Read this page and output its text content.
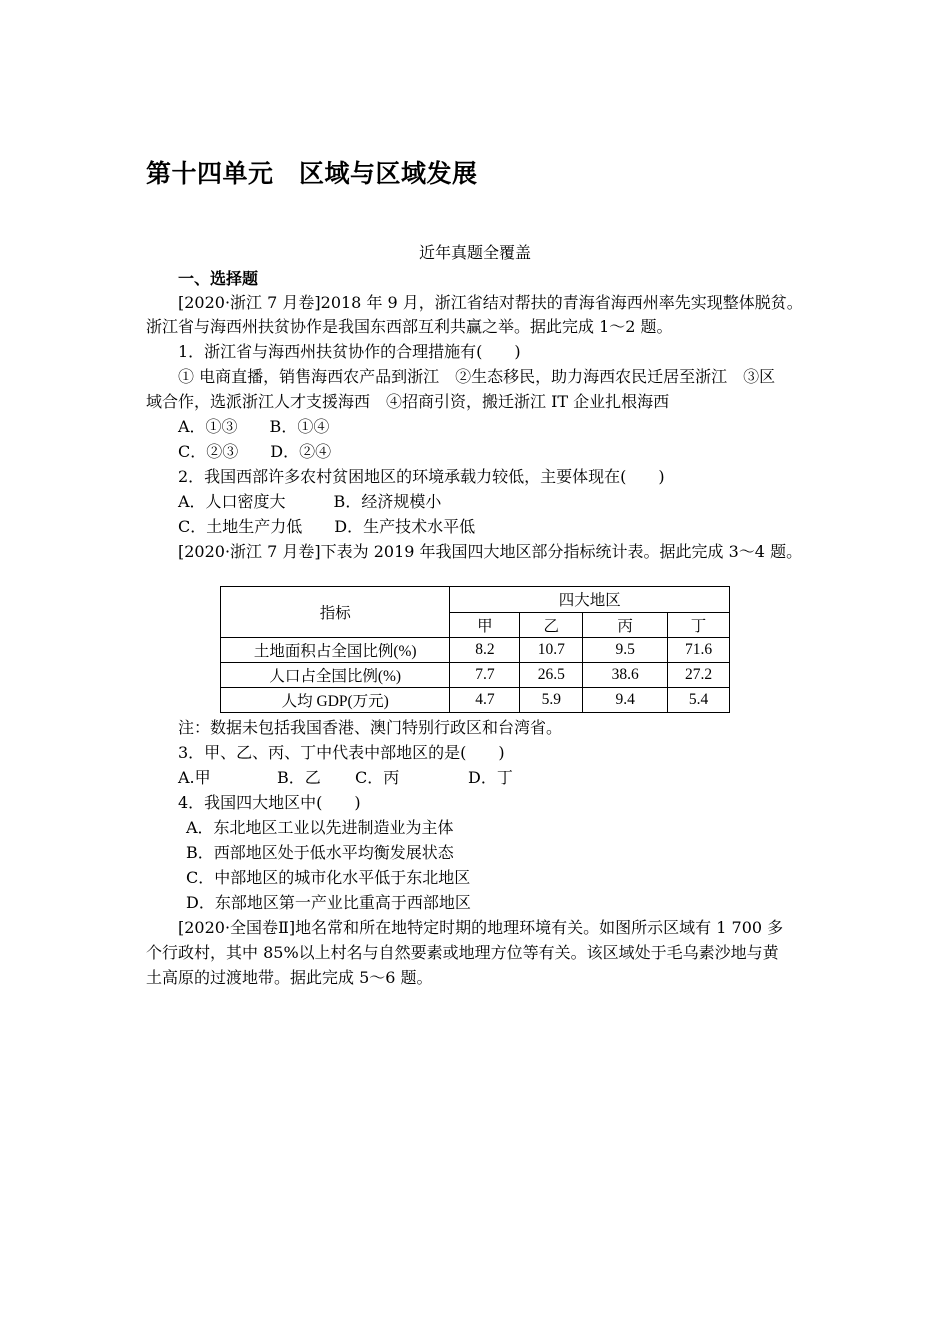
第十四单元　区域与区域发展
近年真题全覆盖
一、选择题
[2020·浙江 7 月卷]2018 年 9 月，浙江省结对帮扶的青海省海西州率先实现整体脱贫。
浙江省与海西州扶贫协作是我国东西部互利共赢之举。据此完成 1～2 题。
1．浙江省与海西州扶贫协作的合理措施有(　　)
① 电商直播，销售海西农产品到浙江　②生态移民，助力海西农民迁居至浙江　③区
域合作，选派浙江人才支援海西　④招商引资，搬迁浙江 IT 企业扎根海西
A．①③　　B．①④
C．②③　　D．②④
2．我国西部许多农村贫困地区的环境承载力较低，主要体现在(　　)
A．人口密度大　　　B．经济规模小
C．土地生产力低　　D．生产技术水平低
[2020·浙江 7 月卷]下表为 2019 年我国四大地区部分指标统计表。据此完成 3～4 题。
指标	四大地区			
	甲	乙	丙	丁
土地面积占全国比例(%)	8.2	10.7	9.5	71.6
人口占全国比例(%)	7.7	26.5	38.6	27.2
人均 GDP(万元)	4.7	5.9	9.4	5.4
注：数据未包括我国香港、澳门特别行政区和台湾省。
3．甲、乙、丙、丁中代表中部地区的是(　　)
A.甲	B．乙 C．丙	D．丁
4．我国四大地区中(　　)
A．东北地区工业以先进制造业为主体
B．西部地区处于低水平均衡发展状态
C．中部地区的城市化水平低于东北地区
D．东部地区第一产业比重高于西部地区
[2020·全国卷Ⅱ]地名常和所在地特定时期的地理环境有关。如图所示区域有 1 700 多
个行政村，其中 85%以上村名与自然要素或地理方位等有关。该区域处于毛乌素沙地与黄
土高原的过渡地带。据此完成 5～6 题。
